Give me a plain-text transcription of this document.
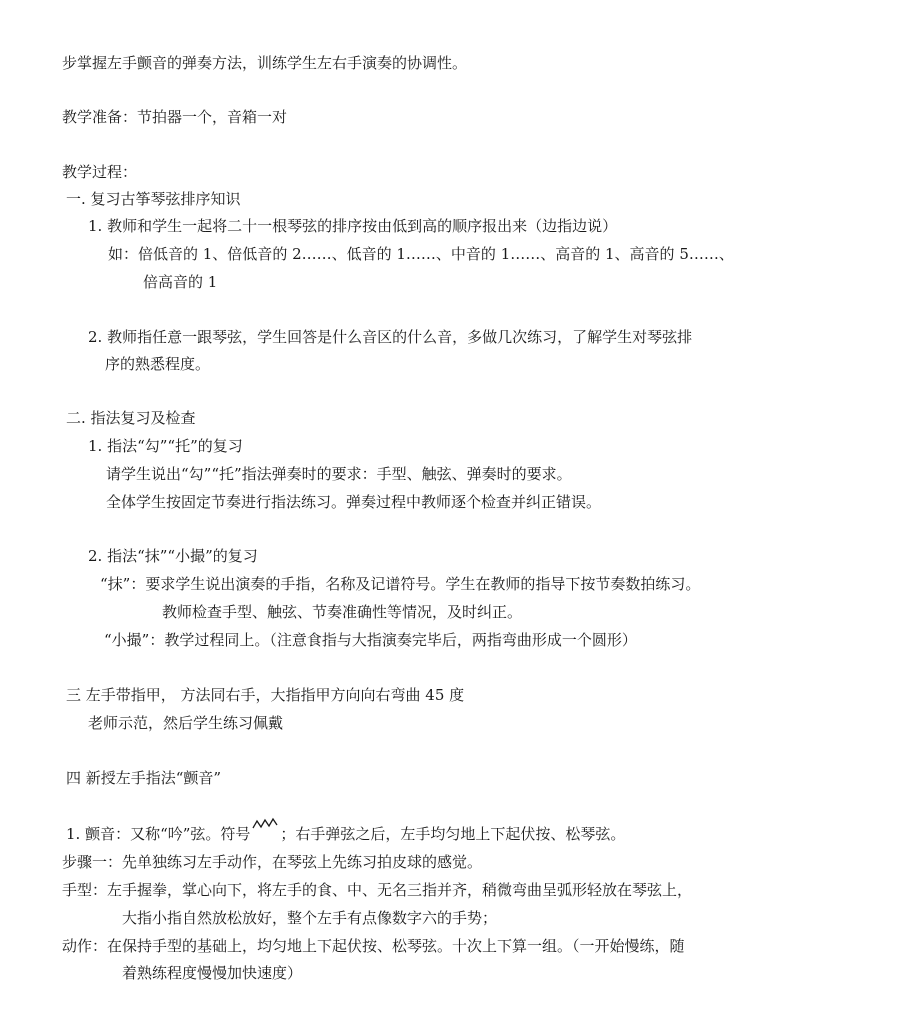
步掌握左手颤音的弹奏方法，训练学生左右手演奏的协调性。
教学准备：节拍器一个，音箱一对
教学过程：
一. 复习古筝琴弦排序知识
1. 教师和学生一起将二十一根琴弦的排序按由低到高的顺序报出来（边指边说）
如：倍低音的 1、倍低音的 2……、低音的 1……、中音的 1……、高音的 1、高音的 5……、
倍高音的 1
2. 教师指任意一跟琴弦，学生回答是什么音区的什么音，多做几次练习，了解学生对琴弦排
序的熟悉程度。
二. 指法复习及检查
1. 指法“勾”“托”的复习
请学生说出“勾”“托”指法弹奏时的要求：手型、触弦、弹奏时的要求。
全体学生按固定节奏进行指法练习。弹奏过程中教师逐个检查并纠正错误。
2. 指法“抹”“小撮”的复习
“抹”：要求学生说出演奏的手指，名称及记谱符号。学生在教师的指导下按节奏数拍练习。
教师检查手型、触弦、节奏准确性等情况，及时纠正。
“小撮”：教学过程同上。（注意食指与大指演奏完毕后，两指弯曲形成一个圆形）
三 左手带指甲， 方法同右手，大指指甲方向向右弯曲 45 度
老师示范，然后学生练习佩戴
四 新授左手指法“颤音”
1. 颤音：又称“吟”弦。符号 ；右手弹弦之后，左手均匀地上下起伏按、松琴弦。
步骤一：先单独练习左手动作，在琴弦上先练习拍皮球的感觉。
手型：左手握拳，掌心向下，将左手的食、中、无名三指并齐，稍微弯曲呈弧形轻放在琴弦上，
大指小指自然放松放好，整个左手有点像数字六的手势；
动作：在保持手型的基础上，均匀地上下起伏按、松琴弦。十次上下算一组。（一开始慢练，随
着熟练程度慢慢加快速度）
